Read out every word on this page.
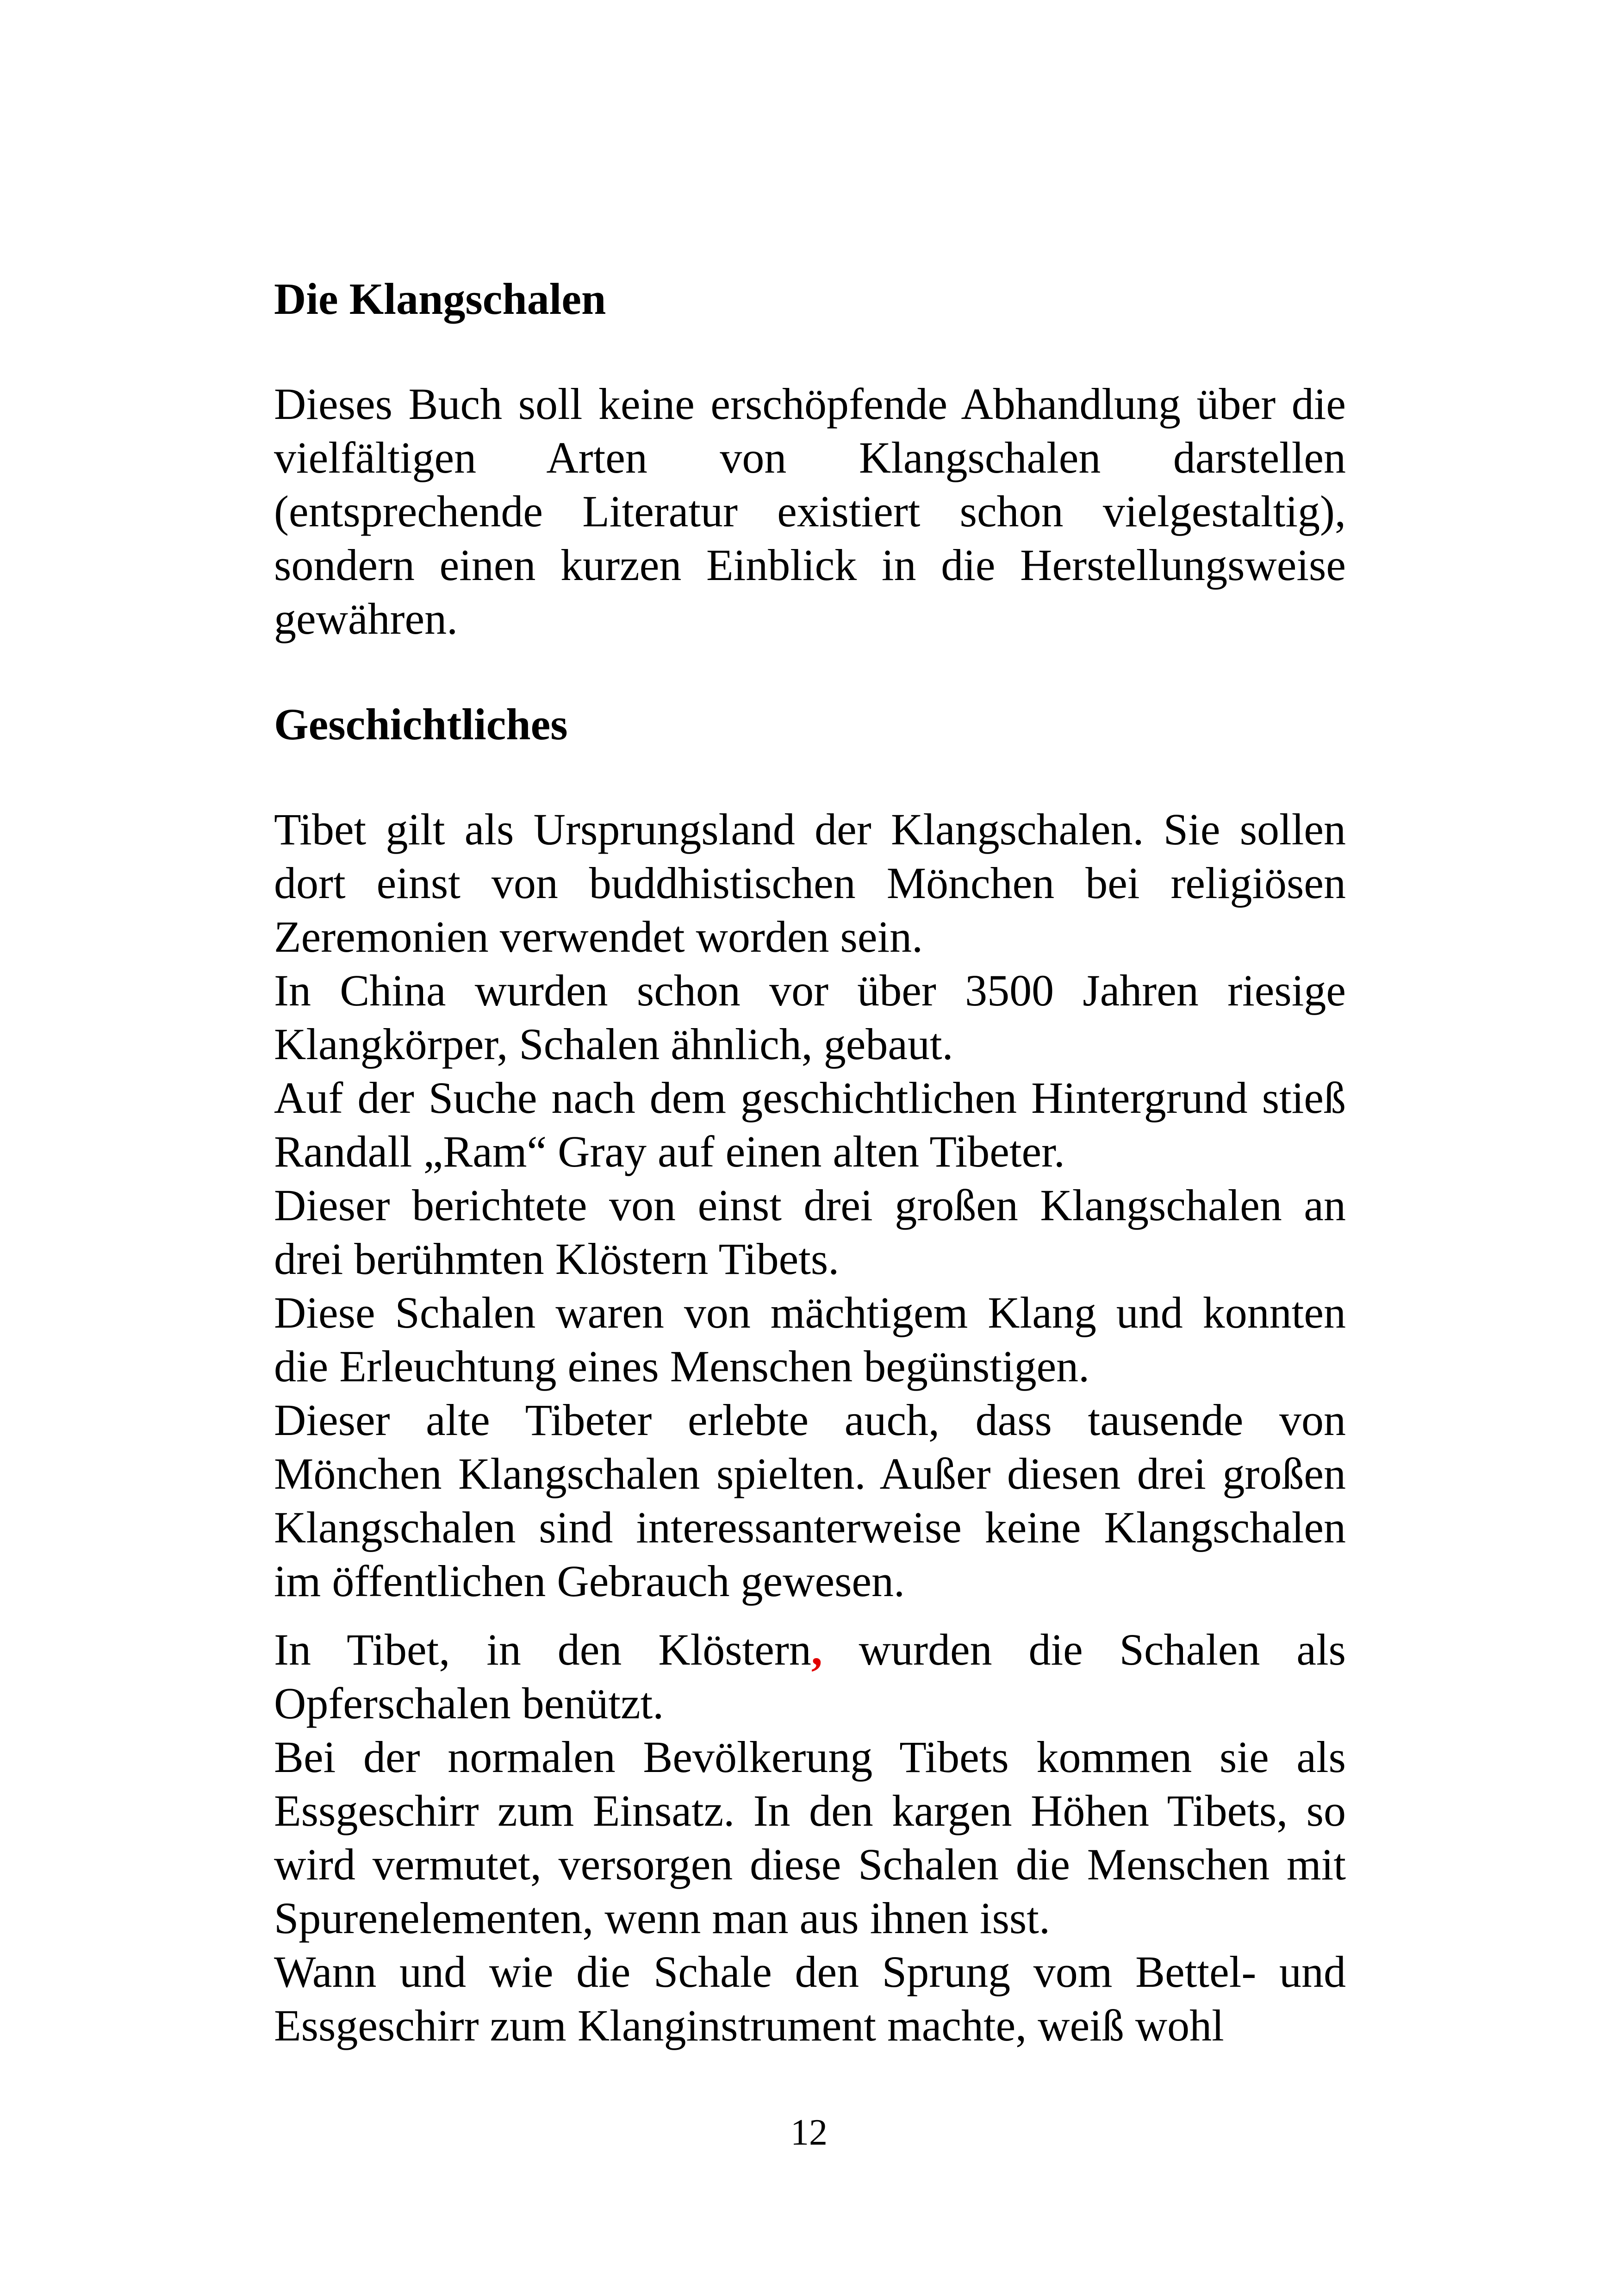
Die Klangschalen

Dieses Buch soll keine erschöpfende Abhandlung über die vielfältigen Arten von Klangschalen darstellen (entsprechende Literatur existiert schon vielgestaltig), sondern einen kurzen Einblick in die Herstellungsweise gewähren.

Geschichtliches

Tibet gilt als Ursprungsland der Klangschalen. Sie sollen dort einst von buddhistischen Mönchen bei religiösen Zeremonien verwendet worden sein.

In China wurden schon vor über 3500 Jahren riesige Klangkörper, Schalen ähnlich, gebaut.

Auf der Suche nach dem geschichtlichen Hintergrund stieß Randall „Ram“ Gray auf einen alten Tibeter.

Dieser berichtete von einst drei großen Klangschalen an drei berühmten Klöstern Tibets.

Diese Schalen waren von mächtigem Klang und konnten die Erleuchtung eines Menschen begünstigen.

Dieser alte Tibeter erlebte auch, dass tausende von Mönchen Klangschalen spielten. Außer diesen drei großen Klangschalen sind interessanterweise keine Klangschalen im öffentlichen Gebrauch gewesen.

In Tibet, in den Klöstern, wurden die Schalen als Opferschalen benützt.

Bei der normalen Bevölkerung Tibets kommen sie als Essgeschirr zum Einsatz. In den kargen Höhen Tibets, so wird vermutet, versorgen diese Schalen die Menschen mit Spurenelementen, wenn man aus ihnen isst.

Wann und wie die Schale den Sprung vom Bettel- und Essgeschirr zum Klanginstrument machte, weiß wohl

12
